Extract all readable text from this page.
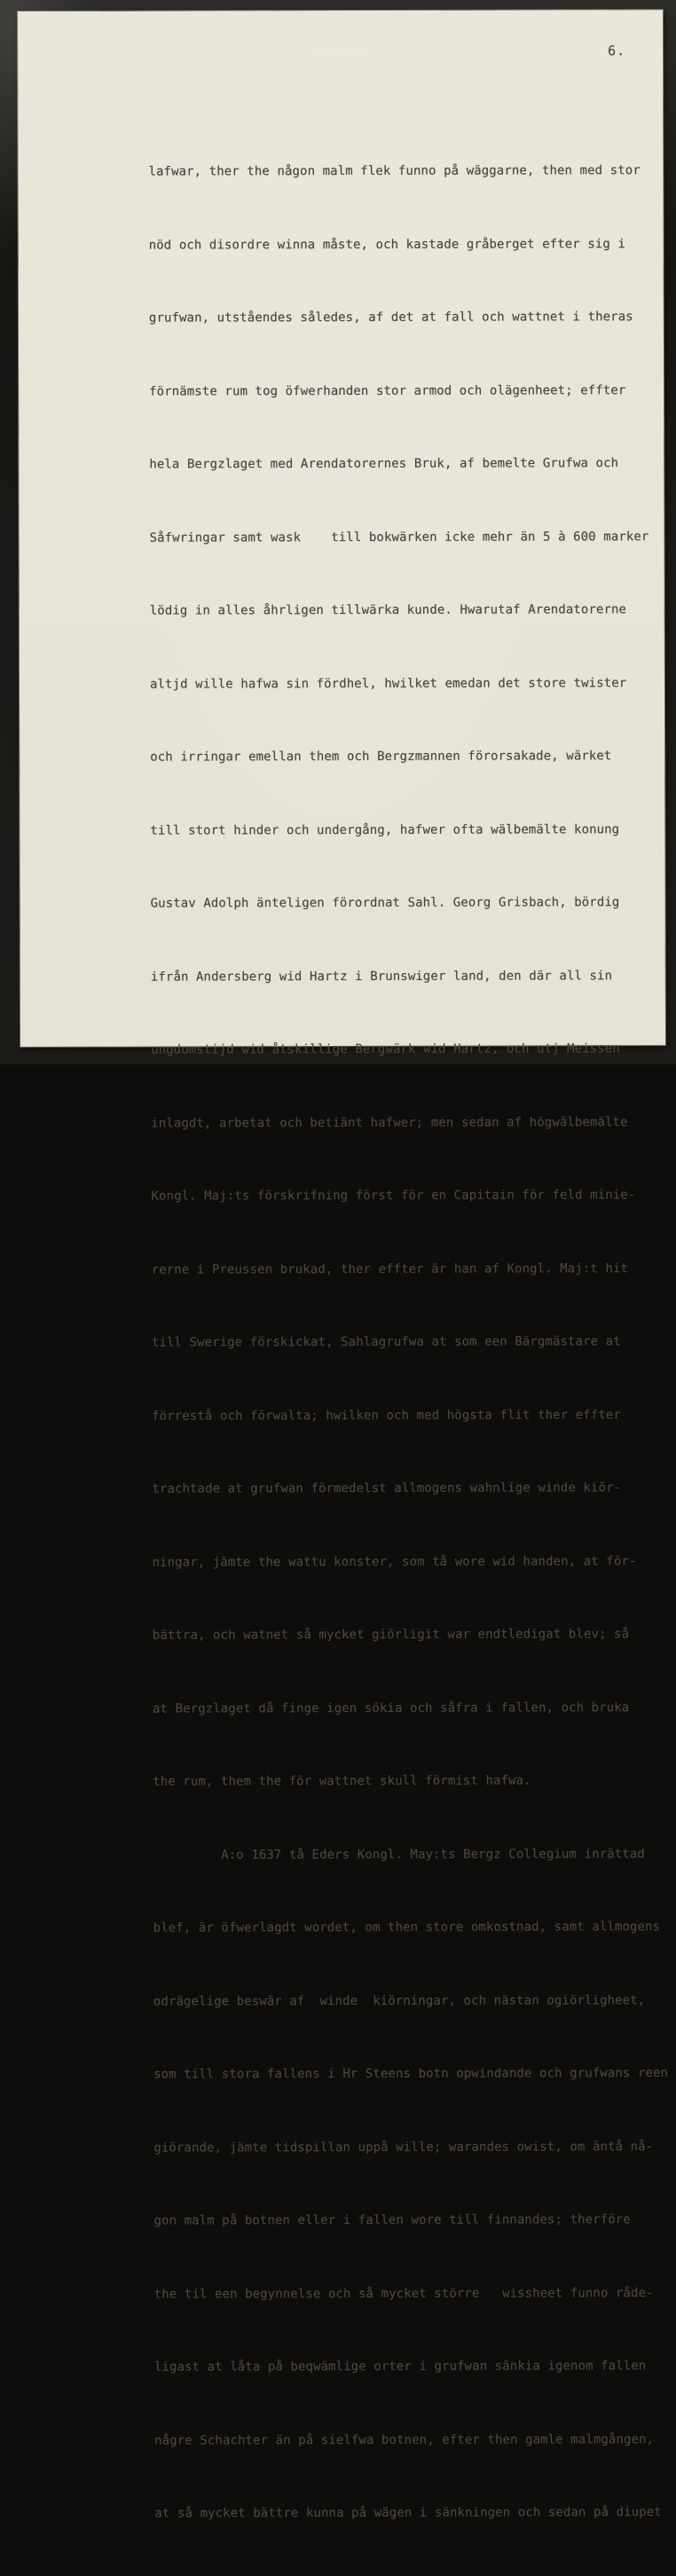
6.

lafwar, ther the någon malm flek funno på wäggarne, then med stor

nöd och disordre winna måste, och kastade gråberget efter sig i

grufwan, utståendes således, af det at fall och wattnet i theras

förnämste rum tog öfwerhanden stor armod och olägenheet; effter

hela Bergzlaget med Arendatorernes Bruk, af bemelte Grufwa och

Såfwringar samt wask    till bokwärken icke mehr än 5 à 600 marker

lödig in alles åhrligen tillwärka kunde. Hwarutaf Arendatorerne

altjd wille hafwa sin fördhel, hwilket emedan det store twister

och irringar emellan them och Bergzmannen förorsakade, wärket

till stort hinder och undergång, hafwer ofta wälbemälte konung

Gustav Adolph änteligen förordnat Sahl. Georg Grisbach, bördig

ifrån Andersberg wid Hartz i Brunswiger land, den där all sin

ungdomstijd wid åtskillige Bergwärk wid Hartz, och utj Meissen

inlagdt, arbetat och betiänt hafwer; men sedan af högwälbemälte

Kongl. Maj:ts förskrifning först för en Capitain för feld minie-

rerne i Preussen brukad, ther effter är han af Kongl. Maj:t hit

till Swerige förskickat, Sahlagrufwa at som een Bärgmästare at

förrestå och förwalta; hwilken och med högsta flit ther effter

trachtade at grufwan förmedelst allmogens wahnlige winde kiör-

ningar, jämte the wattu konster, som tå wore wid handen, at för-

bättra, och watnet så mycket giörligit war endtledigat blev; så

at Bergzlaget då finge igen sökia och såfra i fallen, och bruka

the rum, them the för wattnet skull förmist hafwa.

A:o 1637 tå Eders Kongl. May:ts Bergz Collegium inrättad

blef, är öfwerlagdt wordet, om then store omkostnad, samt allmogens

odrägelige beswär af  winde  kiörningar, och nästan ogiörligheet,

som till stora fallens i Hr Steens botn opwindande och grufwans reen

giörande, jämte tidspillan uppå wille; warandes owist, om äntå nå-

gon malm på botnen eller i fallen wore till finnandes; therföre

the til een begynnelse och så mycket större   wissheet funno råde-

ligast at låta på beqwämlige orter i grufwan sänkia igenom fallen

någre Schachter än på sielfwa botnen, efter then gamle malmgången,

at så mycket bättre kunna på wägen i sänkningen och sedan på diupet
